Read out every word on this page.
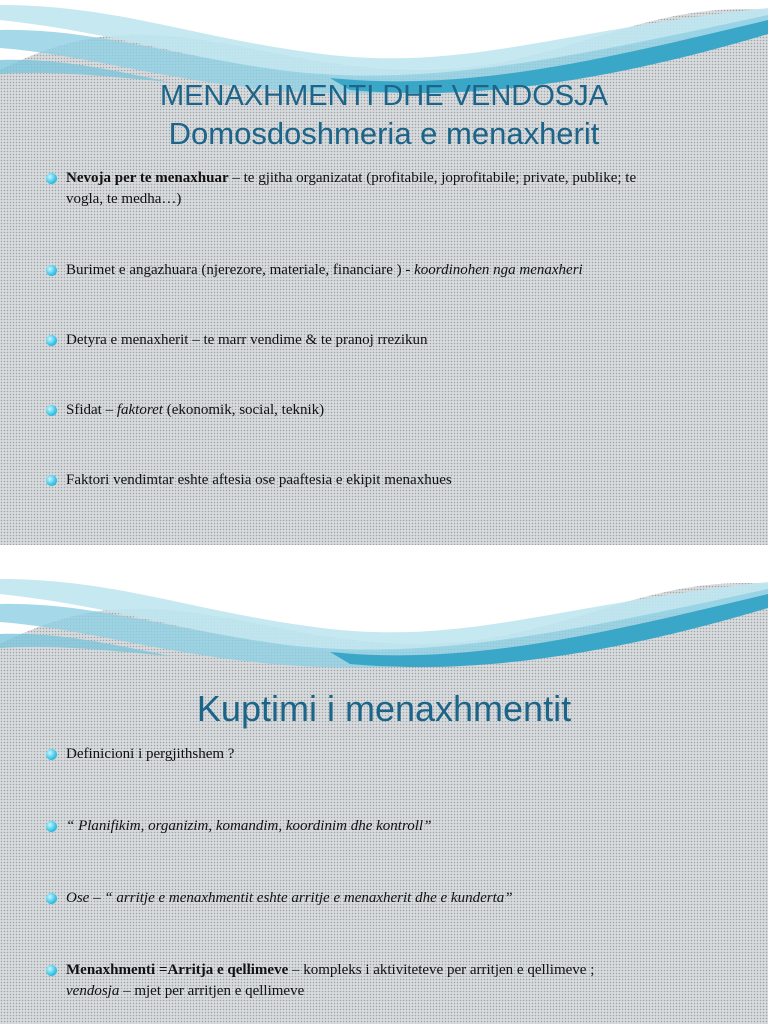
MENAXHMENTI DHE VENDOSJA
Domosdoshmeria e menaxherit
Nevoja per te menaxhuar – te gjitha organizatat (profitabile, joprofitabile; private, publike; te vogla, te medha…)
Burimet e angazhuara (njerezore, materiale, financiare ) - koordinohen nga menaxheri
Detyra e menaxherit – te marr vendime & te pranoj rrezikun
Sfidat – faktoret (ekonomik, social, teknik)
Faktori vendimtar eshte aftesia ose paaftesia e ekipit menaxhues
Kuptimi i menaxhmentit
Definicioni i pergjithshem ?
“ Planifikim, organizim, komandim, koordinim dhe kontroll”
Ose – “ arritje e menaxhmentit eshte arritje e menaxherit dhe e kunderta”
Menaxhmenti =Arritja e qellimeve – kompleks i aktiviteteve per arritjen e qellimeve ; vendosja – mjet per arritjen e qellimeve
